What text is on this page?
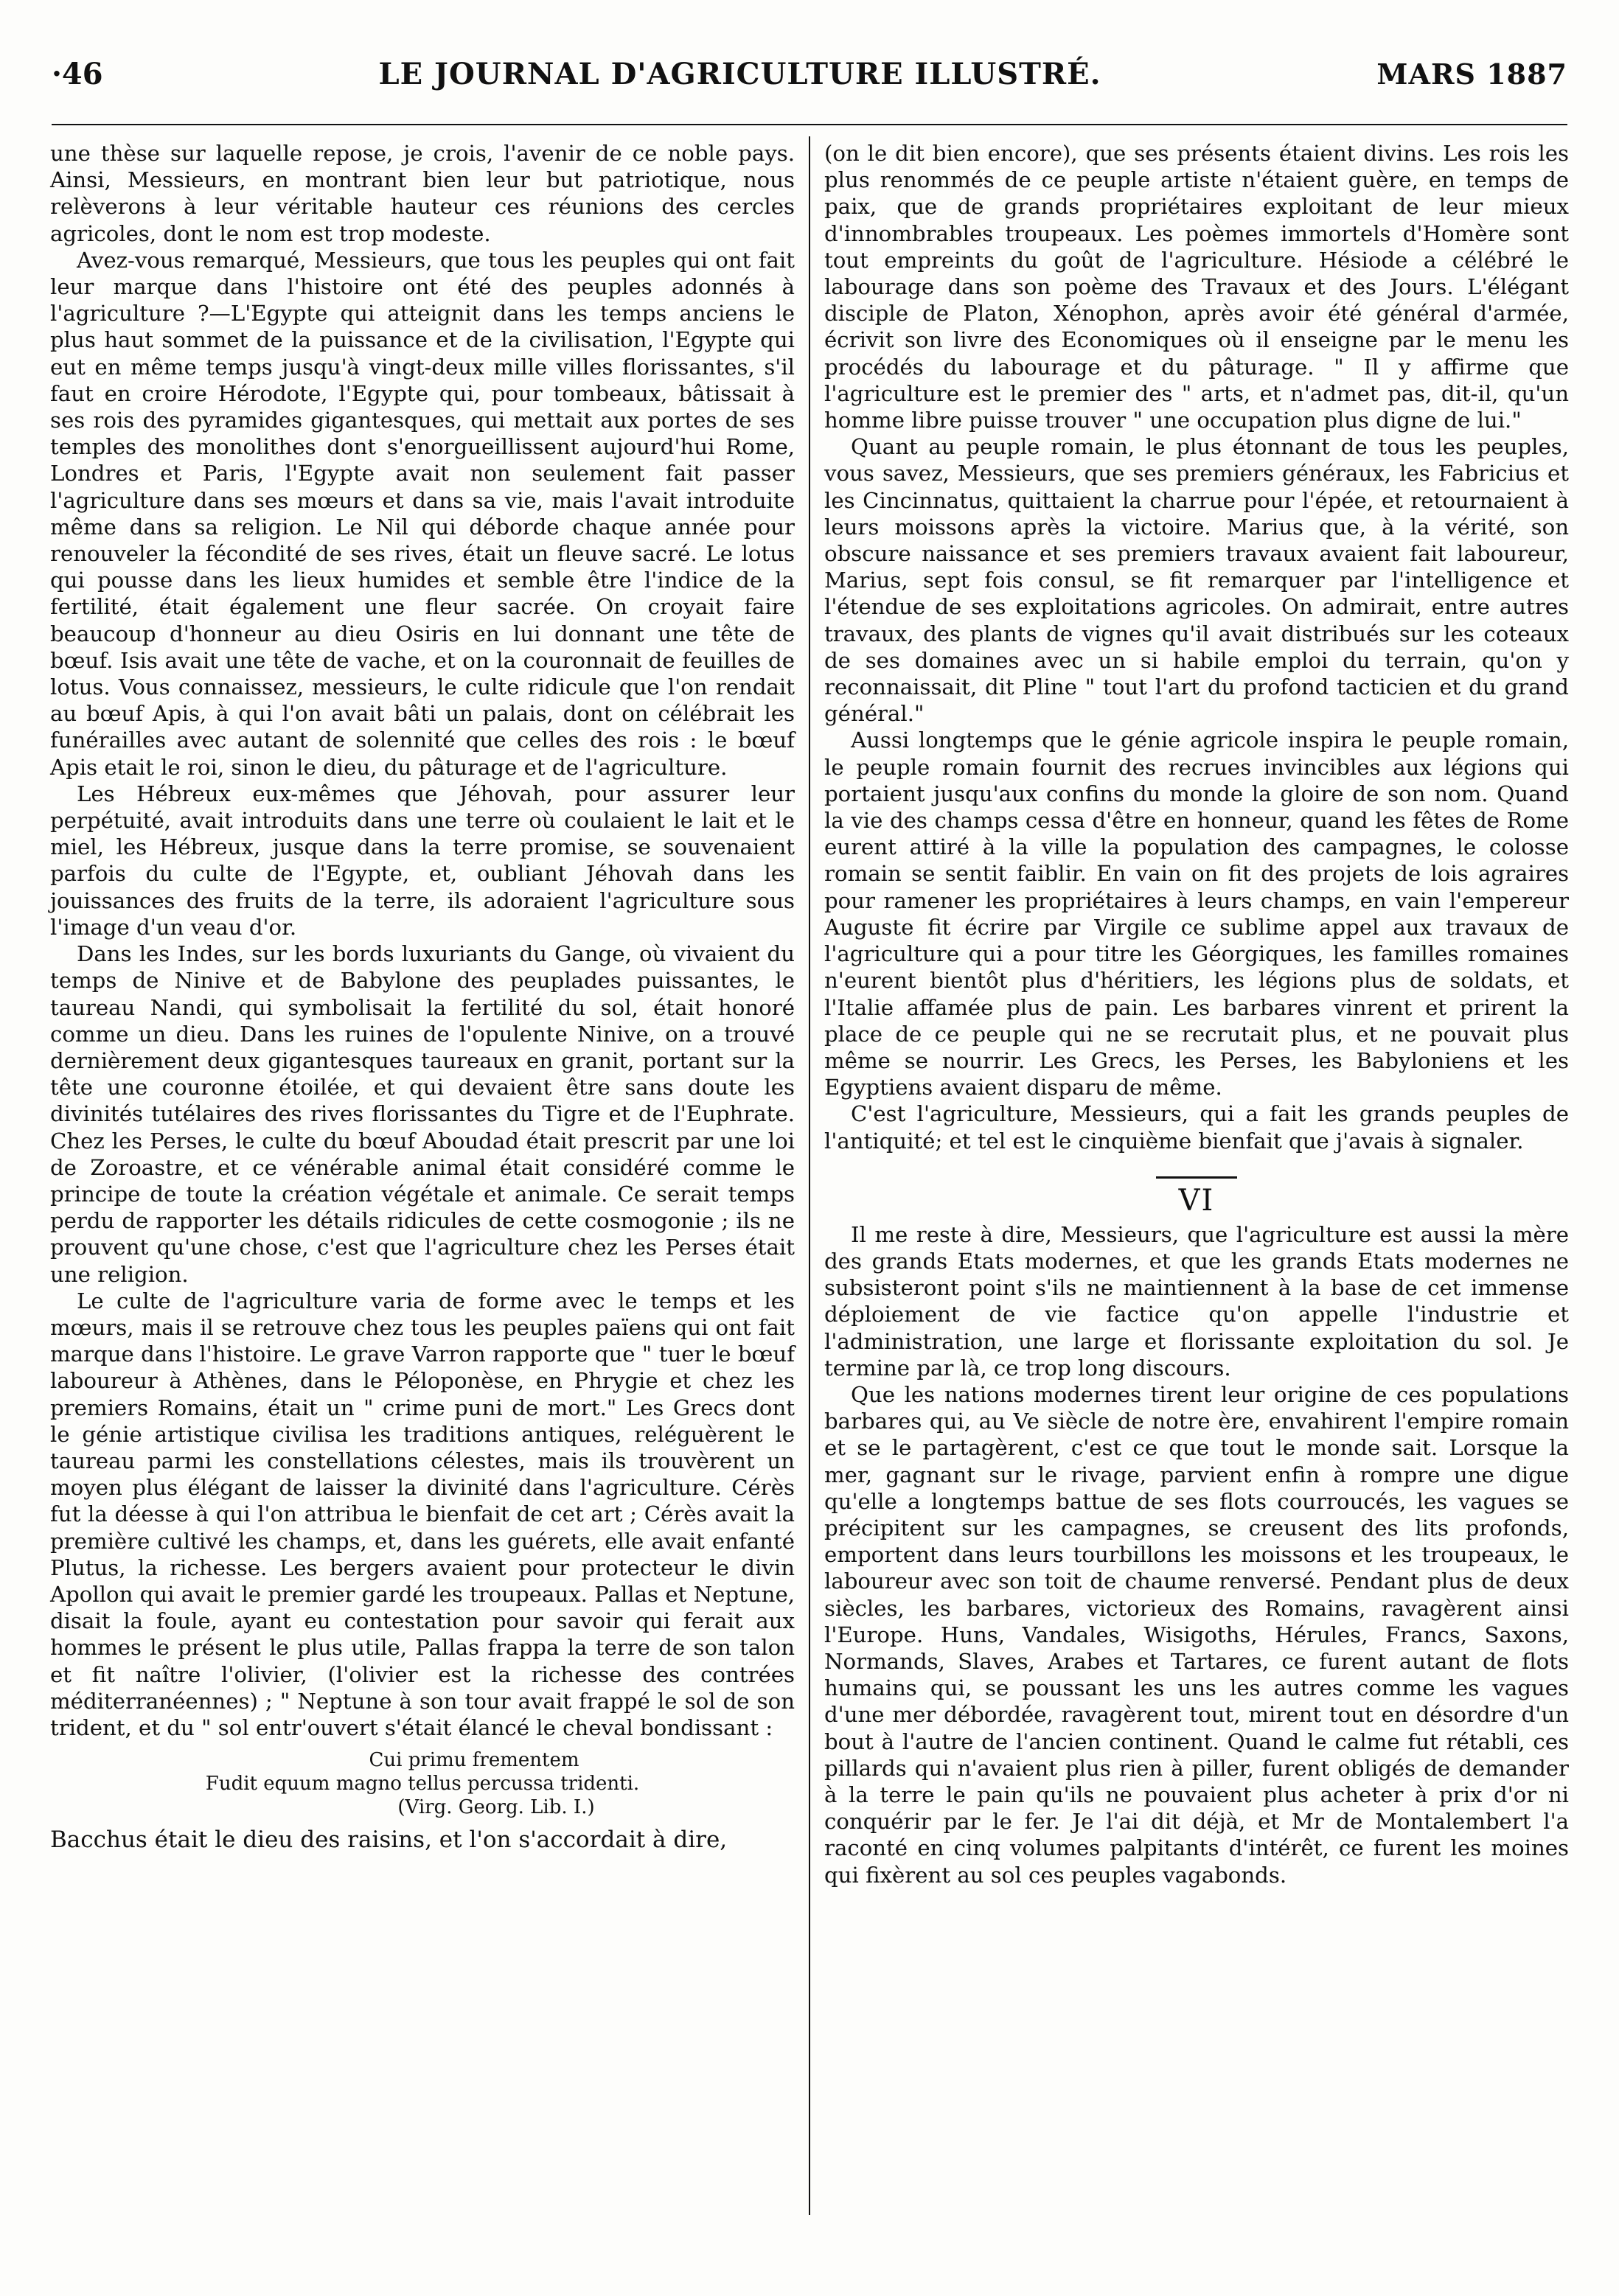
·46	LE JOURNAL D'AGRICULTURE ILLUSTRÉ.	MARS 1887

une thèse sur laquelle repose, je crois, l'avenir de ce noble pays. Ainsi, Messieurs, en montrant bien leur but patriotique, nous relèverons à leur véritable hauteur ces réunions des cercles agricoles, dont le nom est trop modeste.

Avez-vous remarqué, Messieurs, que tous les peuples qui ont fait leur marque dans l'histoire ont été des peuples adonnés à l'agriculture ?—L'Egypte qui atteignit dans les temps anciens le plus haut sommet de la puissance et de la civilisation, l'Egypte qui eut en même temps jusqu'à vingt-deux mille villes florissantes, s'il faut en croire Hérodote, l'Egypte qui, pour tombeaux, bâtissait à ses rois des pyramides gigantesques, qui mettait aux portes de ses temples des monolithes dont s'enorgueillissent aujourd'hui Rome, Londres et Paris, l'Egypte avait non seulement fait passer l'agriculture dans ses mœurs et dans sa vie, mais l'avait introduite même dans sa religion. Le Nil qui déborde chaque année pour renouveler la fécondité de ses rives, était un fleuve sacré. Le lotus qui pousse dans les lieux humides et semble être l'indice de la fertilité, était également une fleur sacrée. On croyait faire beaucoup d'honneur au dieu Osiris en lui donnant une tête de bœuf. Isis avait une tête de vache, et on la couronnait de feuilles de lotus. Vous connaissez, messieurs, le culte ridicule que l'on rendait au bœuf Apis, à qui l'on avait bâti un palais, dont on célébrait les funérailles avec autant de solennité que celles des rois : le bœuf Apis etait le roi, sinon le dieu, du pâturage et de l'agriculture.

Les Hébreux eux-mêmes que Jéhovah, pour assurer leur perpétuité, avait introduits dans une terre où coulaient le lait et le miel, les Hébreux, jusque dans la terre promise, se souvenaient parfois du culte de l'Egypte, et, oubliant Jéhovah dans les jouissances des fruits de la terre, ils adoraient l'agriculture sous l'image d'un veau d'or.

Dans les Indes, sur les bords luxuriants du Gange, où vivaient du temps de Ninive et de Babylone des peuplades puissantes, le taureau Nandi, qui symbolisait la fertilité du sol, était honoré comme un dieu. Dans les ruines de l'opulente Ninive, on a trouvé dernièrement deux gigantesques taureaux en granit, portant sur la tête une couronne étoilée, et qui devaient être sans doute les divinités tutélaires des rives florissantes du Tigre et de l'Euphrate. Chez les Perses, le culte du bœuf Aboudad était prescrit par une loi de Zoroastre, et ce vénérable animal était considéré comme le principe de toute la création végétale et animale. Ce serait temps perdu de rapporter les détails ridicules de cette cosmogonie ; ils ne prouvent qu'une chose, c'est que l'agriculture chez les Perses était une religion.

Le culte de l'agriculture varia de forme avec le temps et les mœurs, mais il se retrouve chez tous les peuples païens qui ont fait marque dans l'histoire. Le grave Varron rapporte que " tuer le bœuf laboureur à Athènes, dans le Péloponèse, en Phrygie et chez les premiers Romains, était un " crime puni de mort." Les Grecs dont le génie artistique civilisa les traditions antiques, reléguèrent le taureau parmi les constellations célestes, mais ils trouvèrent un moyen plus élégant de laisser la divinité dans l'agriculture. Cérès fut la déesse à qui l'on attribua le bienfait de cet art ; Cérès avait la première cultivé les champs, et, dans les guérets, elle avait enfanté Plutus, la richesse. Les bergers avaient pour protecteur le divin Apollon qui avait le premier gardé les troupeaux. Pallas et Neptune, disait la foule, ayant eu contestation pour savoir qui ferait aux hommes le présent le plus utile, Pallas frappa la terre de son talon et fit naître l'olivier, (l'olivier est la richesse des contrées méditerranéennes) ; " Neptune à son tour avait frappé le sol de son trident, et du " sol entr'ouvert s'était élancé le cheval bondissant :

Cui primu frementem
Fudit equum magno tellus percussa tridenti.
(Virg. Georg. Lib. I.)

Bacchus était le dieu des raisins, et l'on s'accordait à dire,

(on le dit bien encore), que ses présents étaient divins. Les rois les plus renommés de ce peuple artiste n'étaient guère, en temps de paix, que de grands propriétaires exploitant de leur mieux d'innombrables troupeaux. Les poèmes immortels d'Homère sont tout empreints du goût de l'agriculture. Hésiode a célébré le labourage dans son poème des Travaux et des Jours. L'élégant disciple de Platon, Xénophon, après avoir été général d'armée, écrivit son livre des Economiques où il enseigne par le menu les procédés du labourage et du pâturage. " Il y affirme que l'agriculture est le premier des " arts, et n'admet pas, dit-il, qu'un homme libre puisse trouver " une occupation plus digne de lui."

Quant au peuple romain, le plus étonnant de tous les peuples, vous savez, Messieurs, que ses premiers généraux, les Fabricius et les Cincinnatus, quittaient la charrue pour l'épée, et retournaient à leurs moissons après la victoire. Marius que, à la vérité, son obscure naissance et ses premiers travaux avaient fait laboureur, Marius, sept fois consul, se fit remarquer par l'intelligence et l'étendue de ses exploitations agricoles. On admirait, entre autres travaux, des plants de vignes qu'il avait distribués sur les coteaux de ses domaines avec un si habile emploi du terrain, qu'on y reconnaissait, dit Pline " tout l'art du profond tacticien et du grand général."

Aussi longtemps que le génie agricole inspira le peuple romain, le peuple romain fournit des recrues invincibles aux légions qui portaient jusqu'aux confins du monde la gloire de son nom. Quand la vie des champs cessa d'être en honneur, quand les fêtes de Rome eurent attiré à la ville la population des campagnes, le colosse romain se sentit faiblir. En vain on fit des projets de lois agraires pour ramener les propriétaires à leurs champs, en vain l'empereur Auguste fit écrire par Virgile ce sublime appel aux travaux de l'agriculture qui a pour titre les Géorgiques, les familles romaines n'eurent bientôt plus d'héritiers, les légions plus de soldats, et l'Italie affamée plus de pain. Les barbares vinrent et prirent la place de ce peuple qui ne se recrutait plus, et ne pouvait plus même se nourrir. Les Grecs, les Perses, les Babyloniens et les Egyptiens avaient disparu de même.

C'est l'agriculture, Messieurs, qui a fait les grands peuples de l'antiquité; et tel est le cinquième bienfait que j'avais à signaler.

VI

Il me reste à dire, Messieurs, que l'agriculture est aussi la mère des grands Etats modernes, et que les grands Etats modernes ne subsisteront point s'ils ne maintiennent à la base de cet immense déploiement de vie factice qu'on appelle l'industrie et l'administration, une large et florissante exploitation du sol. Je termine par là, ce trop long discours.

Que les nations modernes tirent leur origine de ces populations barbares qui, au Ve siècle de notre ère, envahirent l'empire romain et se le partagèrent, c'est ce que tout le monde sait. Lorsque la mer, gagnant sur le rivage, parvient enfin à rompre une digue qu'elle a longtemps battue de ses flots courroucés, les vagues se précipitent sur les campagnes, se creusent des lits profonds, emportent dans leurs tourbillons les moissons et les troupeaux, le laboureur avec son toit de chaume renversé. Pendant plus de deux siècles, les barbares, victorieux des Romains, ravagèrent ainsi l'Europe. Huns, Vandales, Wisigoths, Hérules, Francs, Saxons, Normands, Slaves, Arabes et Tartares, ce furent autant de flots humains qui, se poussant les uns les autres comme les vagues d'une mer débordée, ravagèrent tout, mirent tout en désordre d'un bout à l'autre de l'ancien continent. Quand le calme fut rétabli, ces pillards qui n'avaient plus rien à piller, furent obligés de demander à la terre le pain qu'ils ne pouvaient plus acheter à prix d'or ni conquérir par le fer. Je l'ai dit déjà, et Mr de Montalembert l'a raconté en cinq volumes palpitants d'intérêt, ce furent les moines qui fixèrent au sol ces peuples vagabonds.
